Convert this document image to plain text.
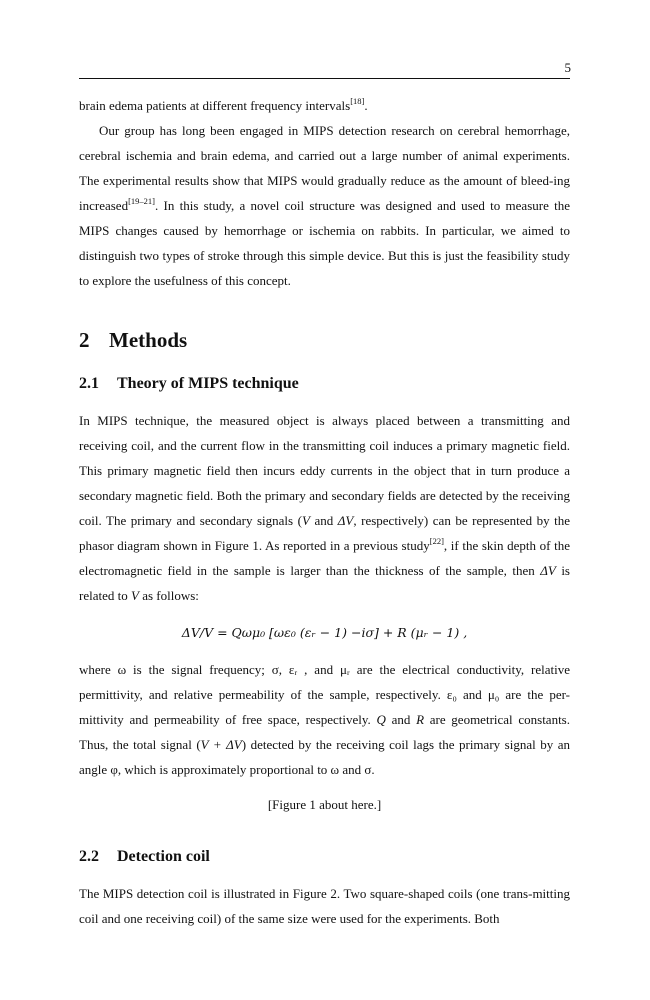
5

brain edema patients at different frequency intervals[18].

Our group has long been engaged in MIPS detection research on cerebral hemorrhage, cerebral ischemia and brain edema, and carried out a large number of animal experiments. The experimental results show that MIPS would gradually reduce as the amount of bleed-ing increased[19–21]. In this study, a novel coil structure was designed and used to measure the MIPS changes caused by hemorrhage or ischemia on rabbits. In particular, we aimed to distinguish two types of stroke through this simple device. But this is just the feasibility study to explore the usefulness of this concept.

2 Methods
2.1 Theory of MIPS technique

In MIPS technique, the measured object is always placed between a transmitting and receiving coil, and the current flow in the transmitting coil induces a primary magnetic field. This primary magnetic field then incurs eddy currents in the object that in turn produce a secondary magnetic field. Both the primary and secondary fields are detected by the receiving coil. The primary and secondary signals (V and ΔV, respectively) can be represented by the phasor diagram shown in Figure 1. As reported in a previous study[22], if the skin depth of the electromagnetic field in the sample is larger than the thickness of the sample, then ΔV is related to V as follows:

ΔV/V = Qωμ₀ [ωε₀ (εᵣ − 1) −iσ] + R (μᵣ − 1) ,

where ω is the signal frequency; σ, εᵣ , and μᵣ are the electrical conductivity, relative permittivity, and relative permeability of the sample, respectively. ε₀ and μ₀ are the per-mittivity and permeability of free space, respectively. Q and R are geometrical constants. Thus, the total signal (V + ΔV) detected by the receiving coil lags the primary signal by an angle φ, which is approximately proportional to ω and σ.

[Figure 1 about here.]
2.2 Detection coil

The MIPS detection coil is illustrated in Figure 2. Two square-shaped coils (one trans-mitting coil and one receiving coil) of the same size were used for the experiments. Both
